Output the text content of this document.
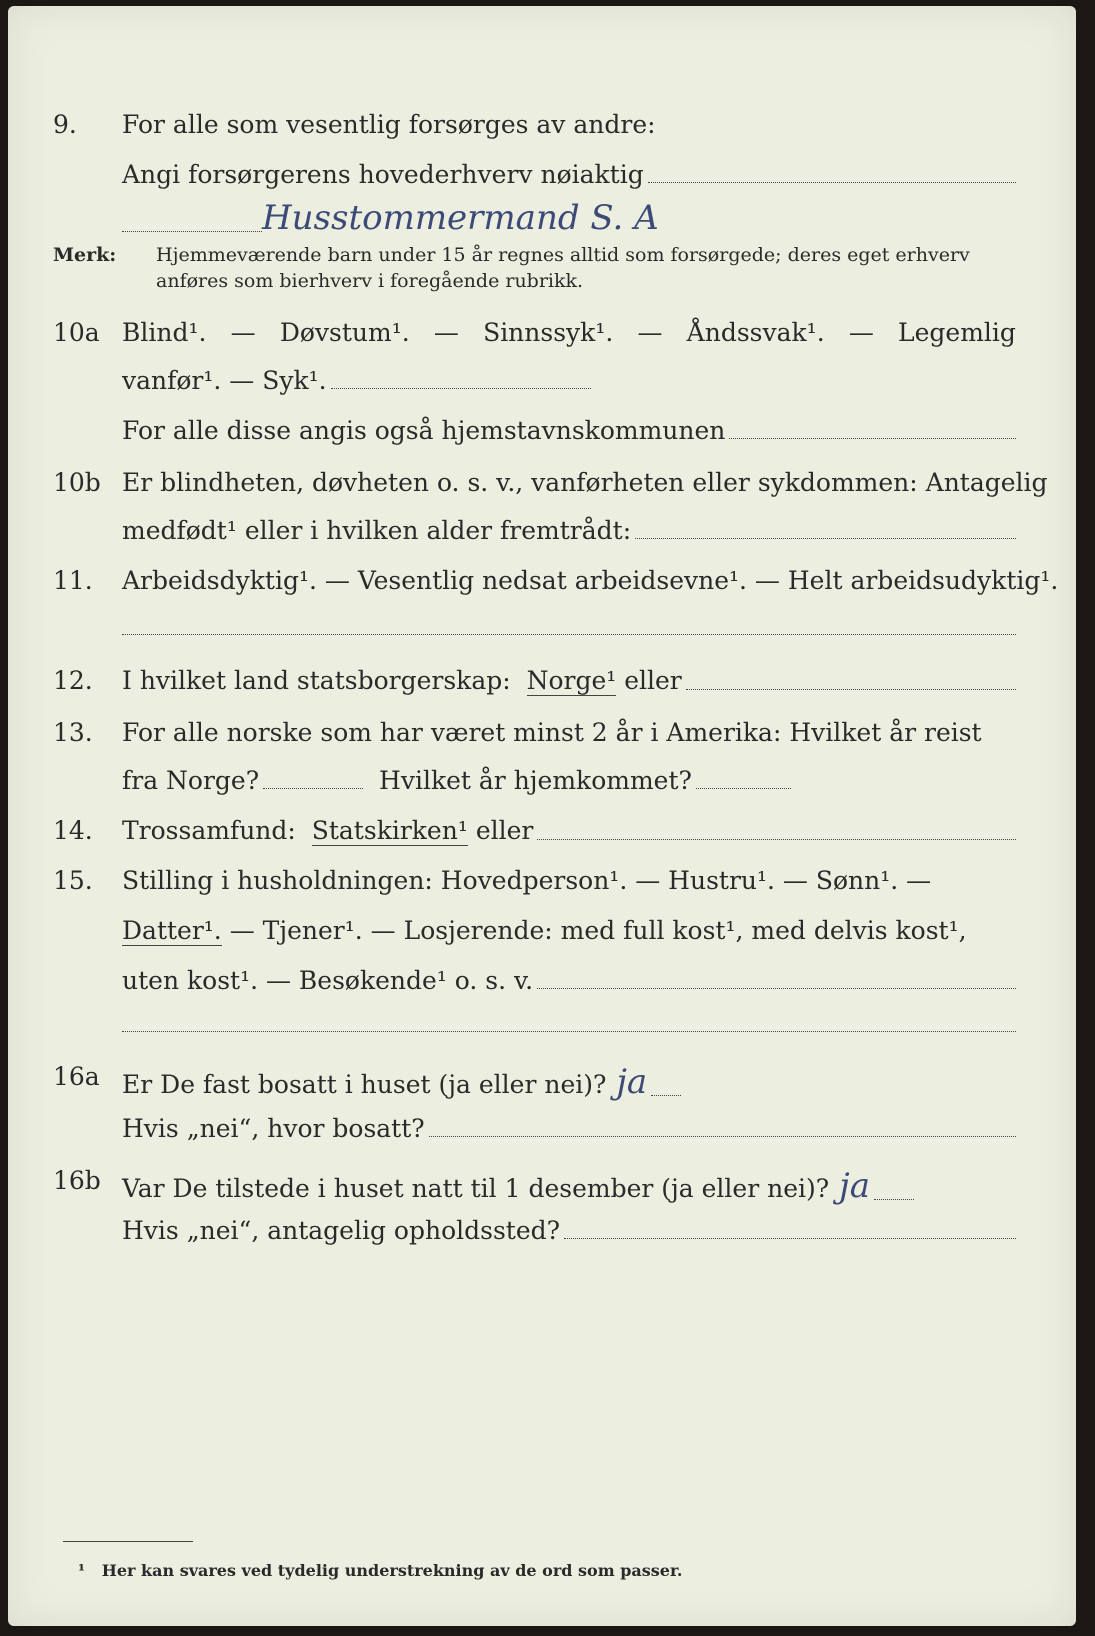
9.	For alle som vesentlig forsørges av andre:
Angi forsørgerens hovederhverv nøiaktig
Husstommermand S. A
Merk:	Hjemmeværende barn under 15 år regnes alltid som forsørgede; deres eget erhverv
anføres som bierhverv i foregående rubrikk.
10a Blind¹. — Døvstum¹. — Sinnssyk¹. — Åndssvak¹. — Legemlig
vanfør¹. — Syk¹.
For alle disse angis også hjemstavnskommunen
10b Er blindheten, døvheten o. s. v., vanførheten eller sykdommen: Antagelig
medfødt¹ eller i hvilken alder fremtrådt:
11.	Arbeidsdyktig¹. — Vesentlig nedsat arbeidsevne¹. — Helt arbeidsudyktig¹.
12.	I hvilket land statsborgerskap:
Norge¹
eller
13.	For alle norske som har været minst 2 år i Amerika: Hvilket år reist
fra Norge?
	Hvilket år hjemkommet?
14.	Trossamfund:
Statskirken¹
eller
15.	Stilling i husholdningen: Hovedperson¹. — Hustru¹. — Sønn¹. —
Datter¹.
— Tjener¹. — Losjerende: med full kost¹, med delvis kost¹,
uten kost¹. — Besøkende¹ o. s. v.
16a Er De fast bosatt i huset (ja eller nei)? ja
Hvis „nei“, hvor bosatt?
16b Var De tilstede i huset natt til 1 desember (ja eller nei)? ja
Hvis „nei“, antagelig opholdssted?
¹ Her kan svares ved tydelig understrekning av de ord som passer.
